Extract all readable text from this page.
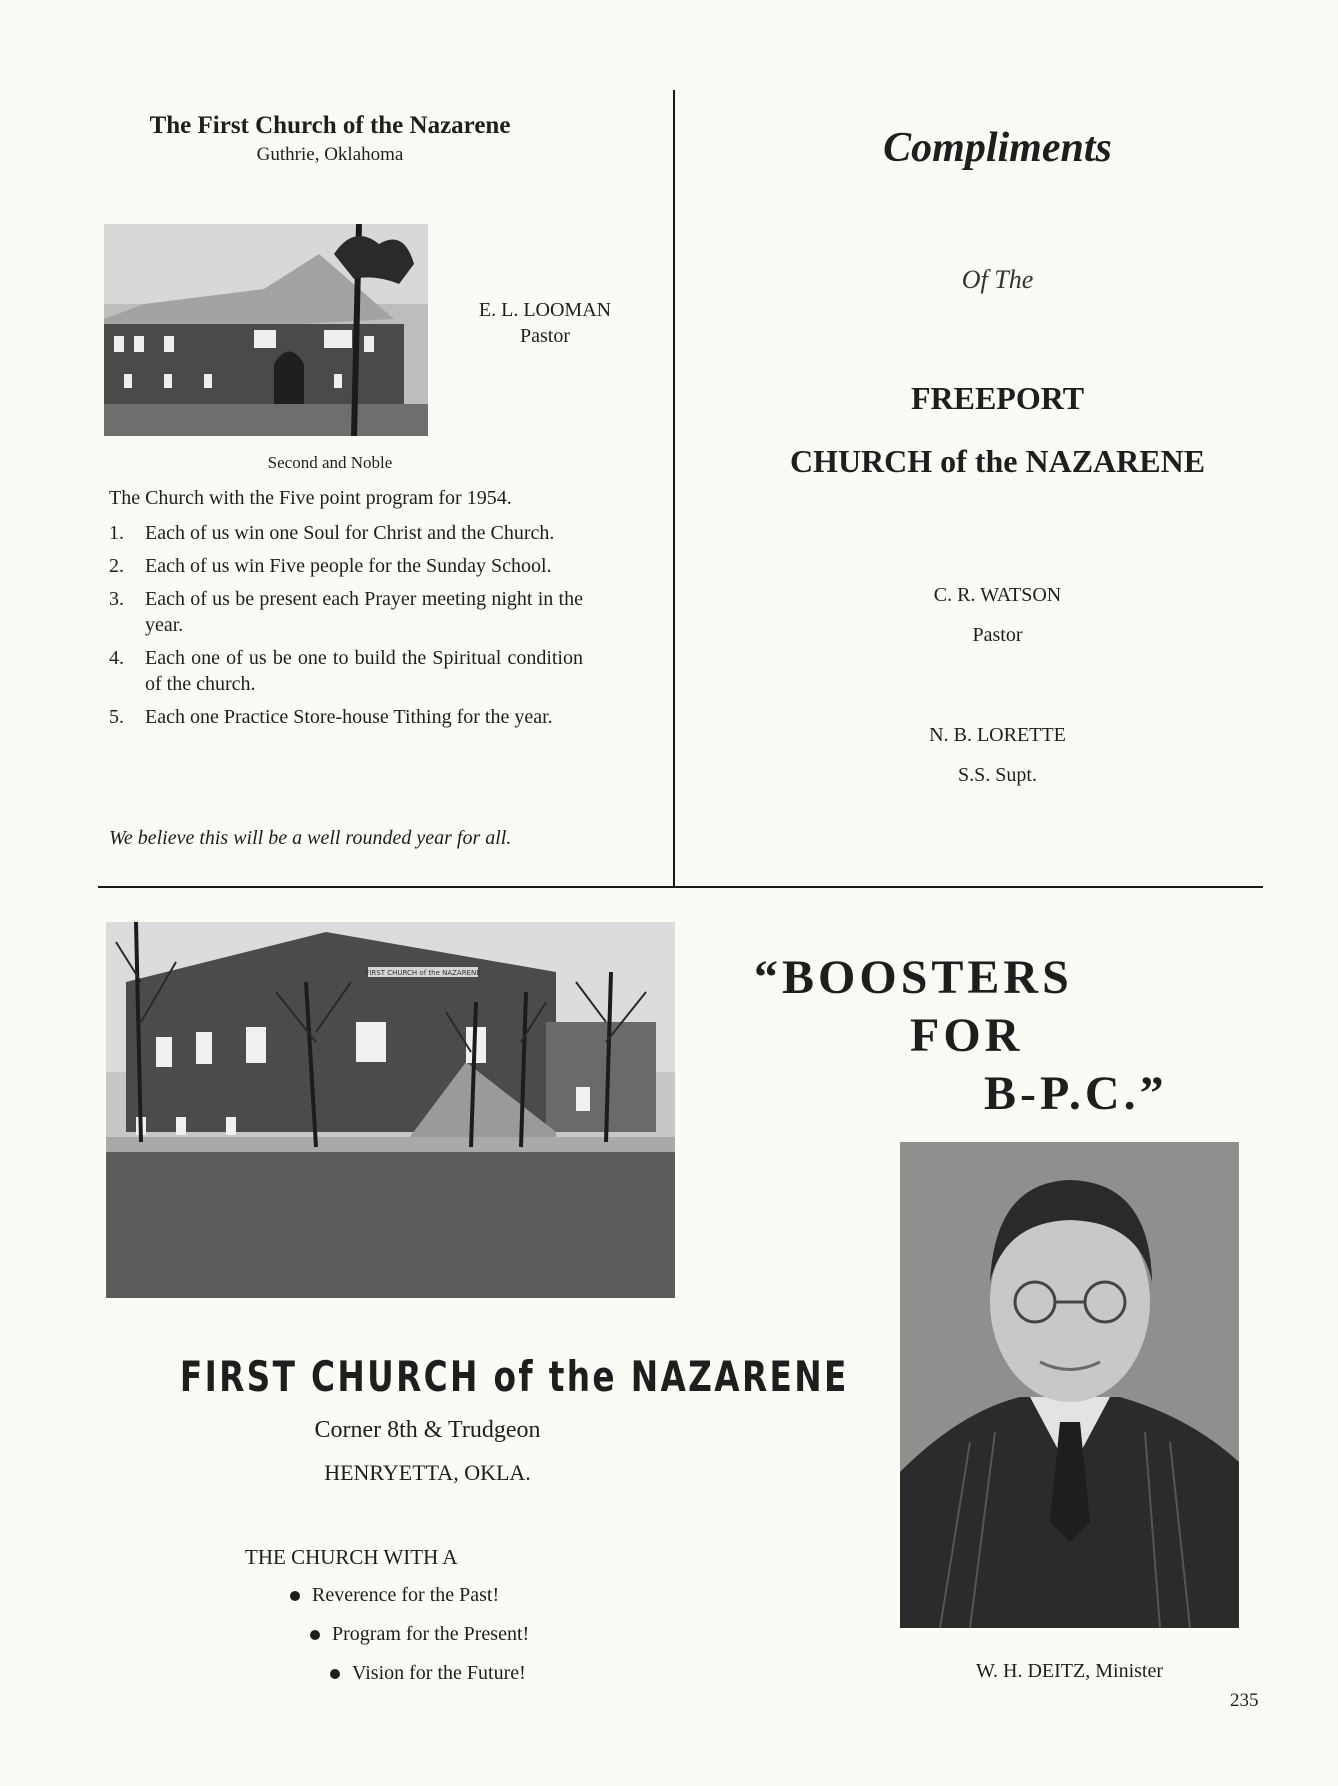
The First Church of the Nazarene
Guthrie, Oklahoma
E. L. LOOMAN
Pastor
Second and Noble
The Church with the Five point program for 1954.
1.	Each of us win one Soul for Christ and the Church.
2.	Each of us win Five people for the Sunday School.
3.	Each of us be present each Prayer meeting night in the year.
4.	Each one of us be one to build the Spiritual condition of the church.
5.	Each one Practice Store-house Tithing for the year.
We believe this will be a well rounded year for all.
Compliments
Of The
FREEPORT
CHURCH of the NAZARENE
C. R. WATSON
Pastor
N. B. LORETTE
S.S. Supt.
FIRST CHURCH of the NAZARENE
FIRST CHURCH of the NAZARENE
Corner 8th & Trudgeon
HENRYETTA, OKLA.
THE CHURCH WITH A
Reverence for the Past!
Program for the Present!
Vision for the Future!
“BOOSTERS
FOR
B-P.C.”
W. H. DEITZ, Minister
235
